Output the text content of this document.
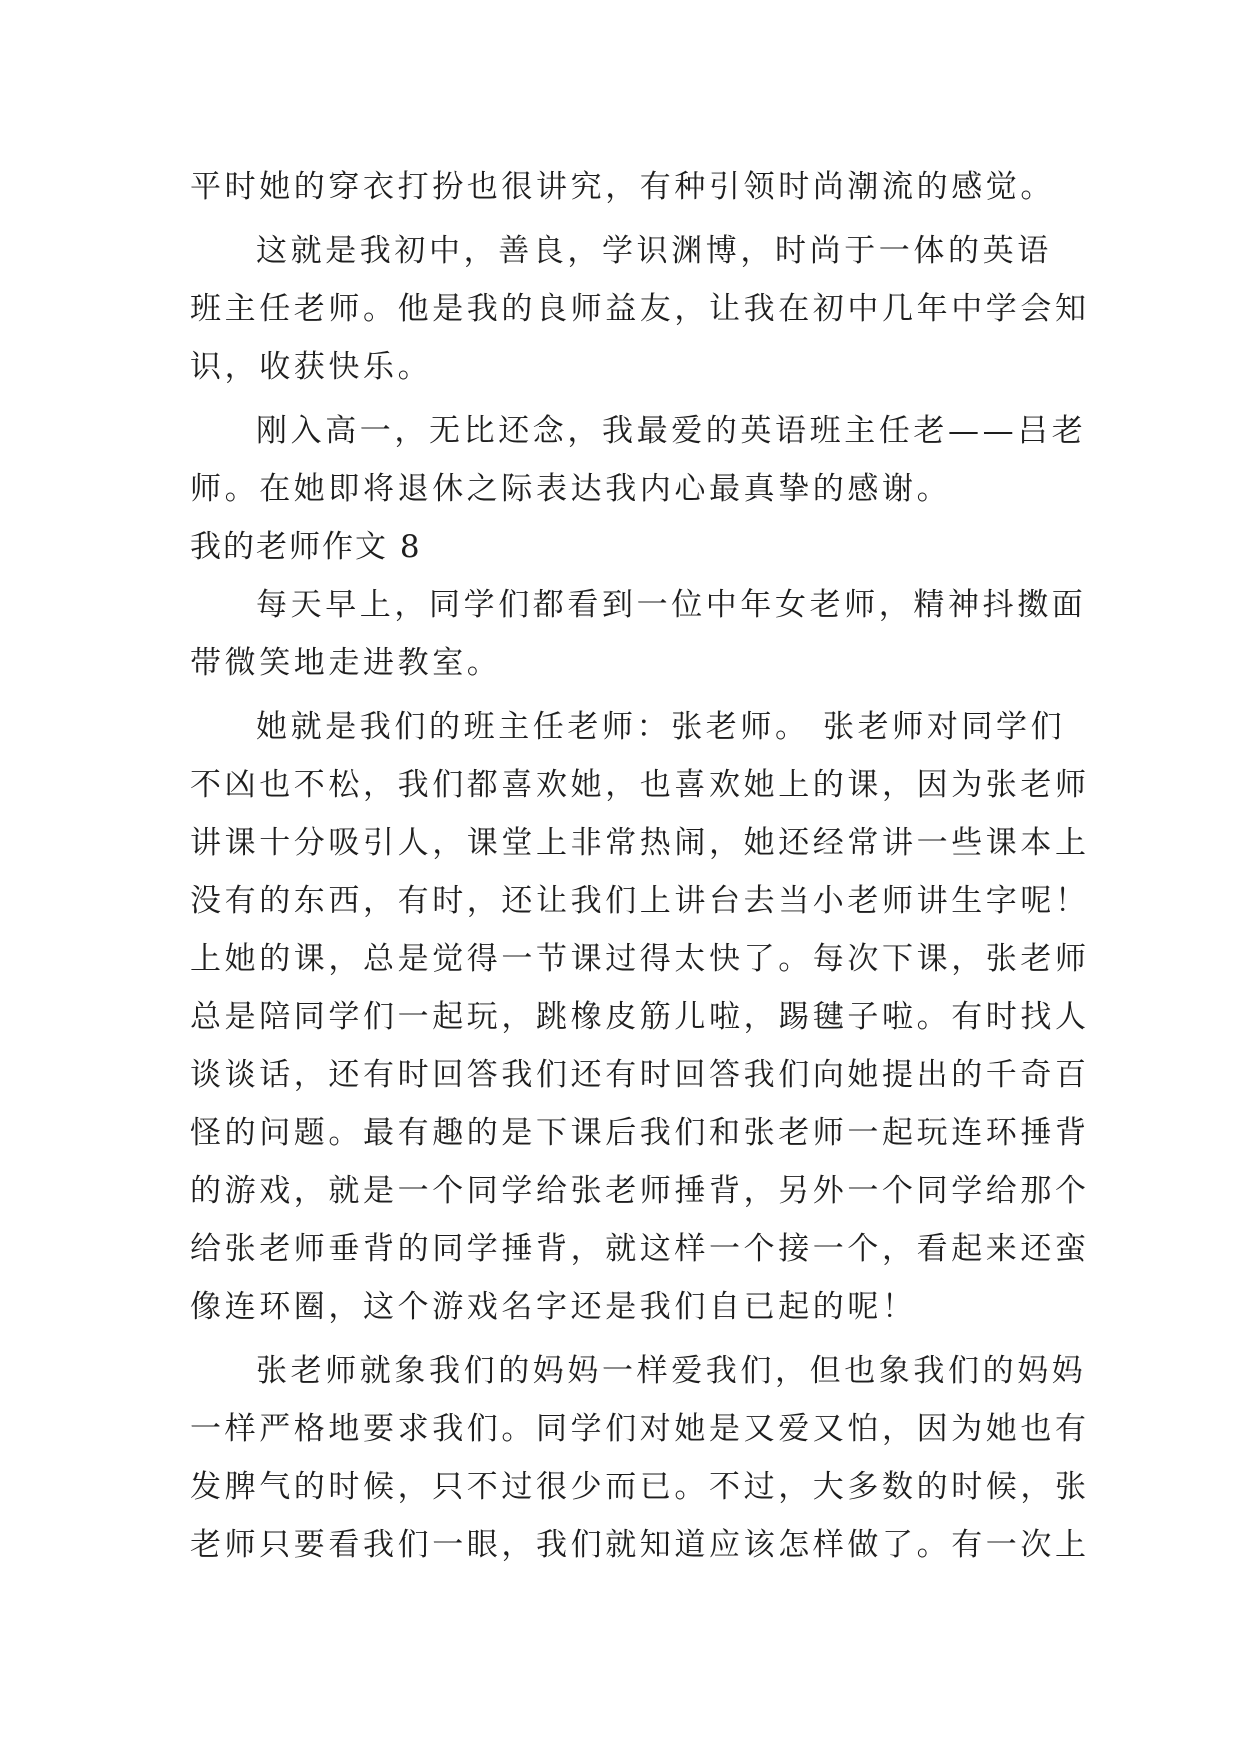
平时她的穿衣打扮也很讲究，有种引领时尚潮流的感觉。
这就是我初中，善良，学识渊博，时尚于一体的英语
班主任老师。他是我的良师益友，让我在初中几年中学会知
识，收获快乐。
刚入高一，无比还念，我最爱的英语班主任老——吕老
师。在她即将退休之际表达我内心最真挚的感谢。
我的老师作文 8
每天早上，同学们都看到一位中年女老师，精神抖擞面
带微笑地走进教室。
她就是我们的班主任老师：张老师。 张老师对同学们
不凶也不松，我们都喜欢她，也喜欢她上的课，因为张老师
讲课十分吸引人，课堂上非常热闹，她还经常讲一些课本上
没有的东西，有时，还让我们上讲台去当小老师讲生字呢！
上她的课，总是觉得一节课过得太快了。每次下课，张老师
总是陪同学们一起玩，跳橡皮筋儿啦，踢毽子啦。有时找人
谈谈话，还有时回答我们还有时回答我们向她提出的千奇百
怪的问题。最有趣的是下课后我们和张老师一起玩连环捶背
的游戏，就是一个同学给张老师捶背，另外一个同学给那个
给张老师垂背的同学捶背，就这样一个接一个，看起来还蛮
像连环圈，这个游戏名字还是我们自已起的呢！
张老师就象我们的妈妈一样爱我们，但也象我们的妈妈
一样严格地要求我们。同学们对她是又爱又怕，因为她也有
发脾气的时候，只不过很少而已。不过，大多数的时候，张
老师只要看我们一眼，我们就知道应该怎样做了。有一次上
